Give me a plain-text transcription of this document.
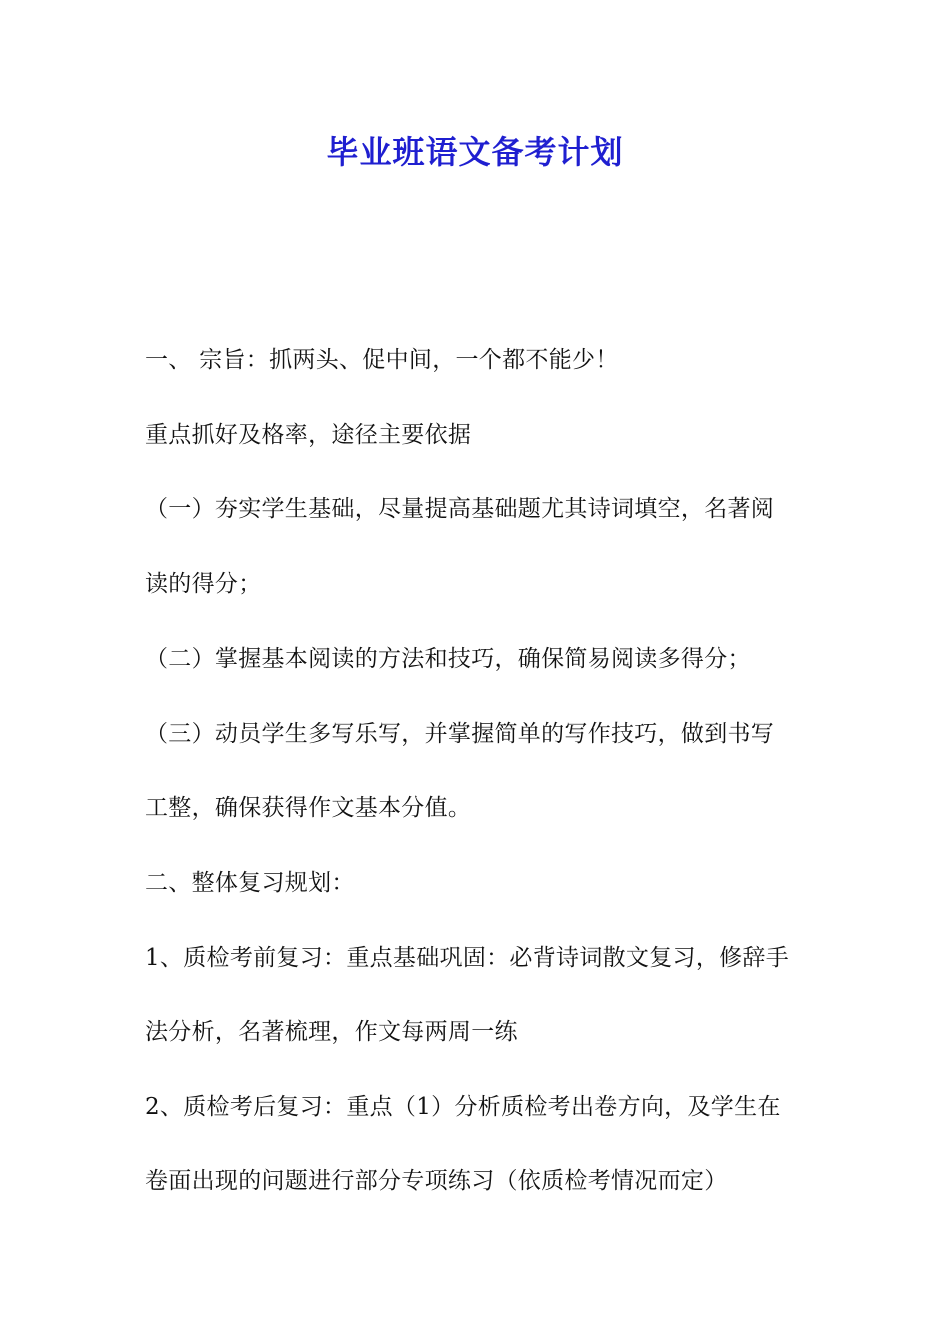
毕业班语文备考计划
一、 宗旨：抓两头、促中间，一个都不能少！
重点抓好及格率，途径主要依据
（一）夯实学生基础，尽量提高基础题尤其诗词填空，名著阅
读的得分；
（二）掌握基本阅读的方法和技巧，确保简易阅读多得分；
（三）动员学生多写乐写，并掌握简单的写作技巧，做到书写
工整，确保获得作文基本分值。
二、整体复习规划：
1、质检考前复习：重点基础巩固：必背诗词散文复习，修辞手
法分析，名著梳理，作文每两周一练
2、质检考后复习：重点（1）分析质检考出卷方向，及学生在
卷面出现的问题进行部分专项练习（依质检考情况而定）
